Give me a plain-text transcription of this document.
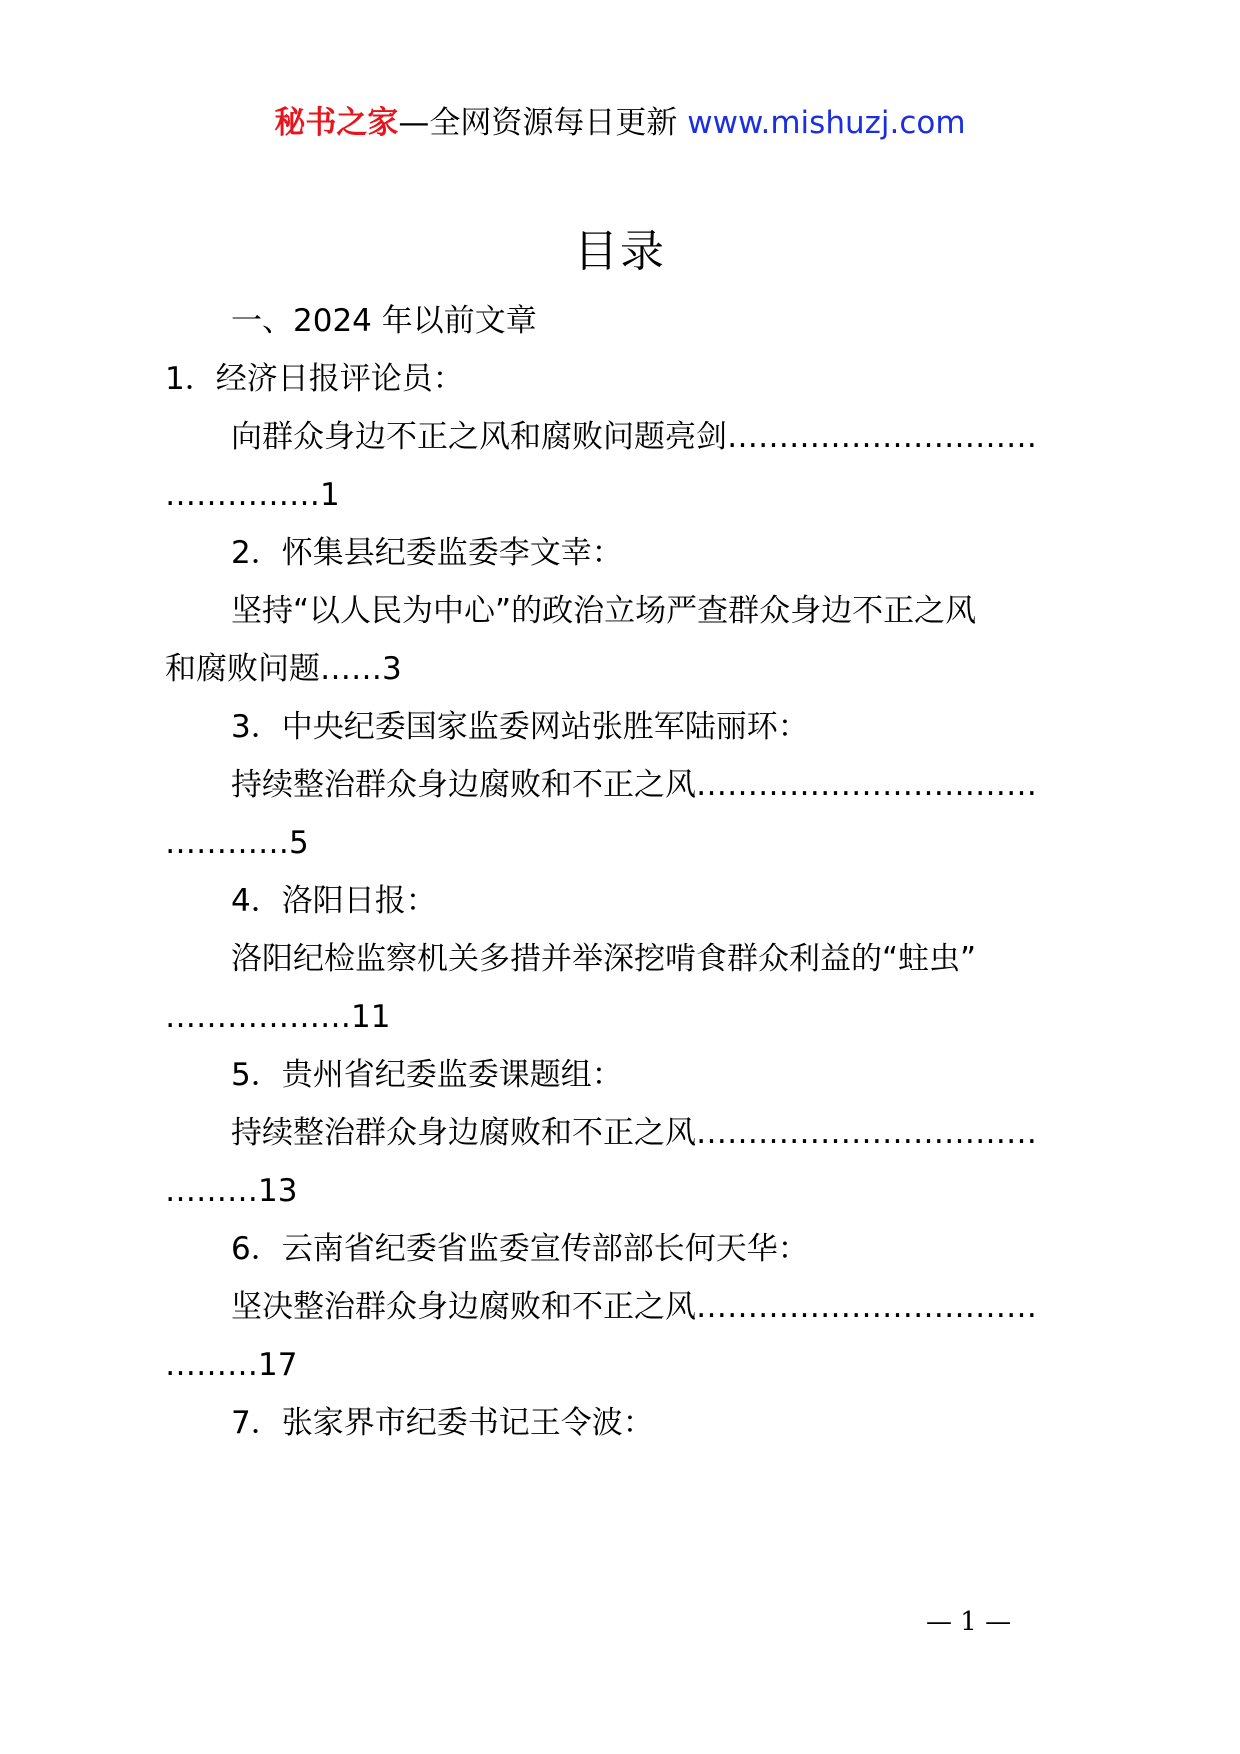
秘书之家—全网资源每日更新 www.mishuzj.com
目录
一、2024 年以前文章
1．经济日报评论员：
向群众身边不正之风和腐败问题亮剑…………………………
……………1
2．怀集县纪委监委李文幸：
坚持“以人民为中心”的政治立场严查群众身边不正之风
和腐败问题……3
3．中央纪委国家监委网站张胜军陆丽环：
持续整治群众身边腐败和不正之风……………………………
…………5
4．洛阳日报：
洛阳纪检监察机关多措并举深挖啃食群众利益的“蛀虫”
………………11
5．贵州省纪委监委课题组：
持续整治群众身边腐败和不正之风……………………………
………13
6．云南省纪委省监委宣传部部长何天华：
坚决整治群众身边腐败和不正之风……………………………
………17
7．张家界市纪委书记王令波：
— 1 —
